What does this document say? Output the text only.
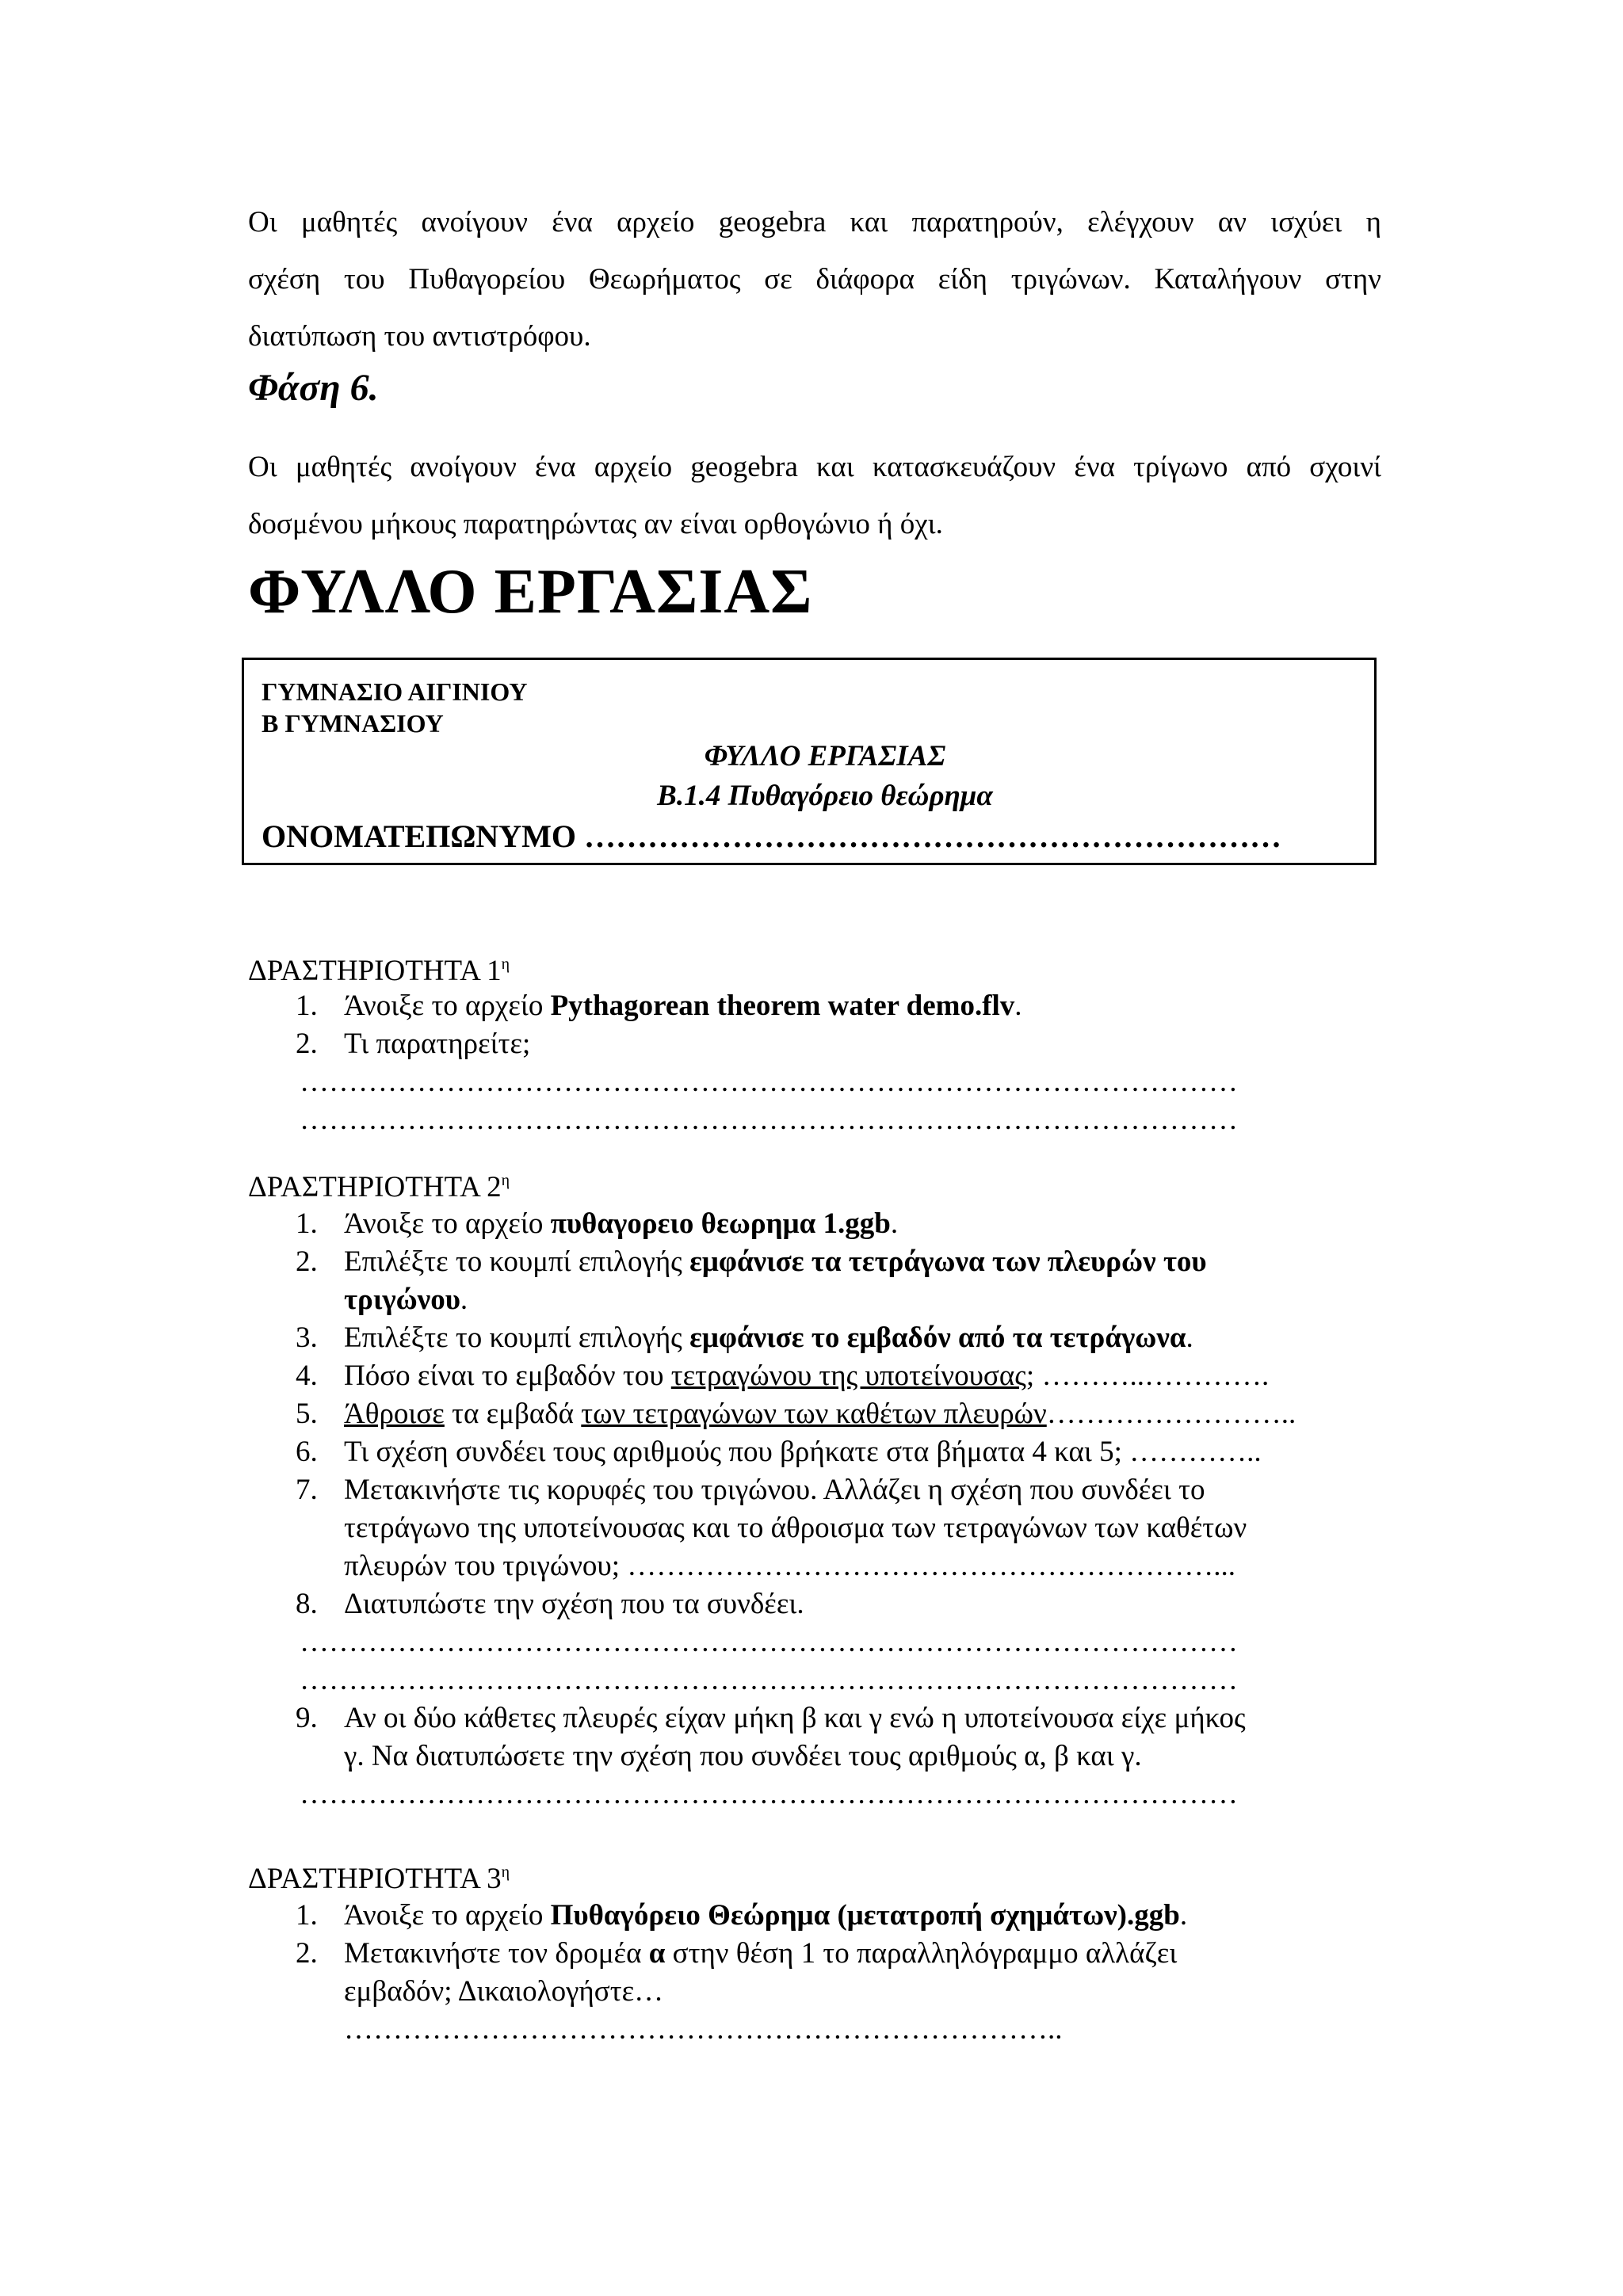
Οι μαθητές ανοίγουν ένα αρχείο geogebra και παρατηρούν, ελέγχουν αν ισχύει η
σχέση του Πυθαγορείου Θεωρήματος σε διάφορα είδη τριγώνων. Καταλήγουν στην
διατύπωση του αντιστρόφου.
Φάση 6.
Οι μαθητές ανοίγουν ένα αρχείο geogebra και κατασκευάζουν ένα τρίγωνο από σχοινί
δοσμένου μήκους παρατηρώντας αν είναι ορθογώνιο ή όχι.
ΦΥΛΛΟ ΕΡΓΑΣΙΑΣ
ΓΥΜΝΑΣΙΟ ΑΙΓΙΝΙΟΥ
Β ΓΥΜΝΑΣΙΟΥ
ΦΥΛΛΟ ΕΡΓΑΣΙΑΣ
Β.1.4 Πυθαγόρειο θεώρημα
ΟΝΟΜΑΤΕΠΩΝΥΜΟ …………………………………………………………
ΔΡΑΣΤΗΡΙΟΤΗΤΑ $1^\eta$
1. Άνοιξε το αρχείο Pythagorean theorem water demo.flv.
2. Τι παρατηρείτε;
……………………………………………………………………………………
……………………………………………………………………………………
ΔΡΑΣΤΗΡΙΟΤΗΤΑ $2^\eta$
1. Άνοιξε το αρχείο πυθαγορειο θεωρημα 1.ggb.
2. Επιλέξτε το κουμπί επιλογής εμφάνισε τα τετράγωνα των πλευρών του
τριγώνου.
3. Επιλέξτε το κουμπί επιλογής εμφάνισε το εμβαδόν από τα τετράγωνα.
4. Πόσο είναι το εμβαδόν του τετραγώνου της υποτείνουσας; ………..………….
5. Άθροισε τα εμβαδά των τετραγώνων των καθέτων πλευρών……………………..
6. Τι σχέση συνδέει τους αριθμούς που βρήκατε στα βήματα 4 και 5; …………..
7. Μετακινήστε τις κορυφές του τριγώνου. Αλλάζει η σχέση που συνδέει το
τετράγωνο της υποτείνουσας και το άθροισμα των τετραγώνων των καθέτων
πλευρών του τριγώνου; ……………………………………………………...
8. Διατυπώστε την σχέση που τα συνδέει.
……………………………………………………………………………………
……………………………………………………………………………………
9. Αν οι δύο κάθετες πλευρές είχαν μήκη β και γ ενώ η υποτείνουσα είχε μήκος
γ. Να διατυπώσετε την σχέση που συνδέει τους αριθμούς α, β και γ.
……………………………………………………………………………………
ΔΡΑΣΤΗΡΙΟΤΗΤΑ $3^\eta$
1. Άνοιξε το αρχείο Πυθαγόρειο Θεώρημα (μετατροπή σχημάτων).ggb.
2. Μετακινήστε τον δρομέα α στην θέση 1 το παραλληλόγραμμο αλλάζει
εμβαδόν; Δικαιολογήστε…
………………………………………………………………..
